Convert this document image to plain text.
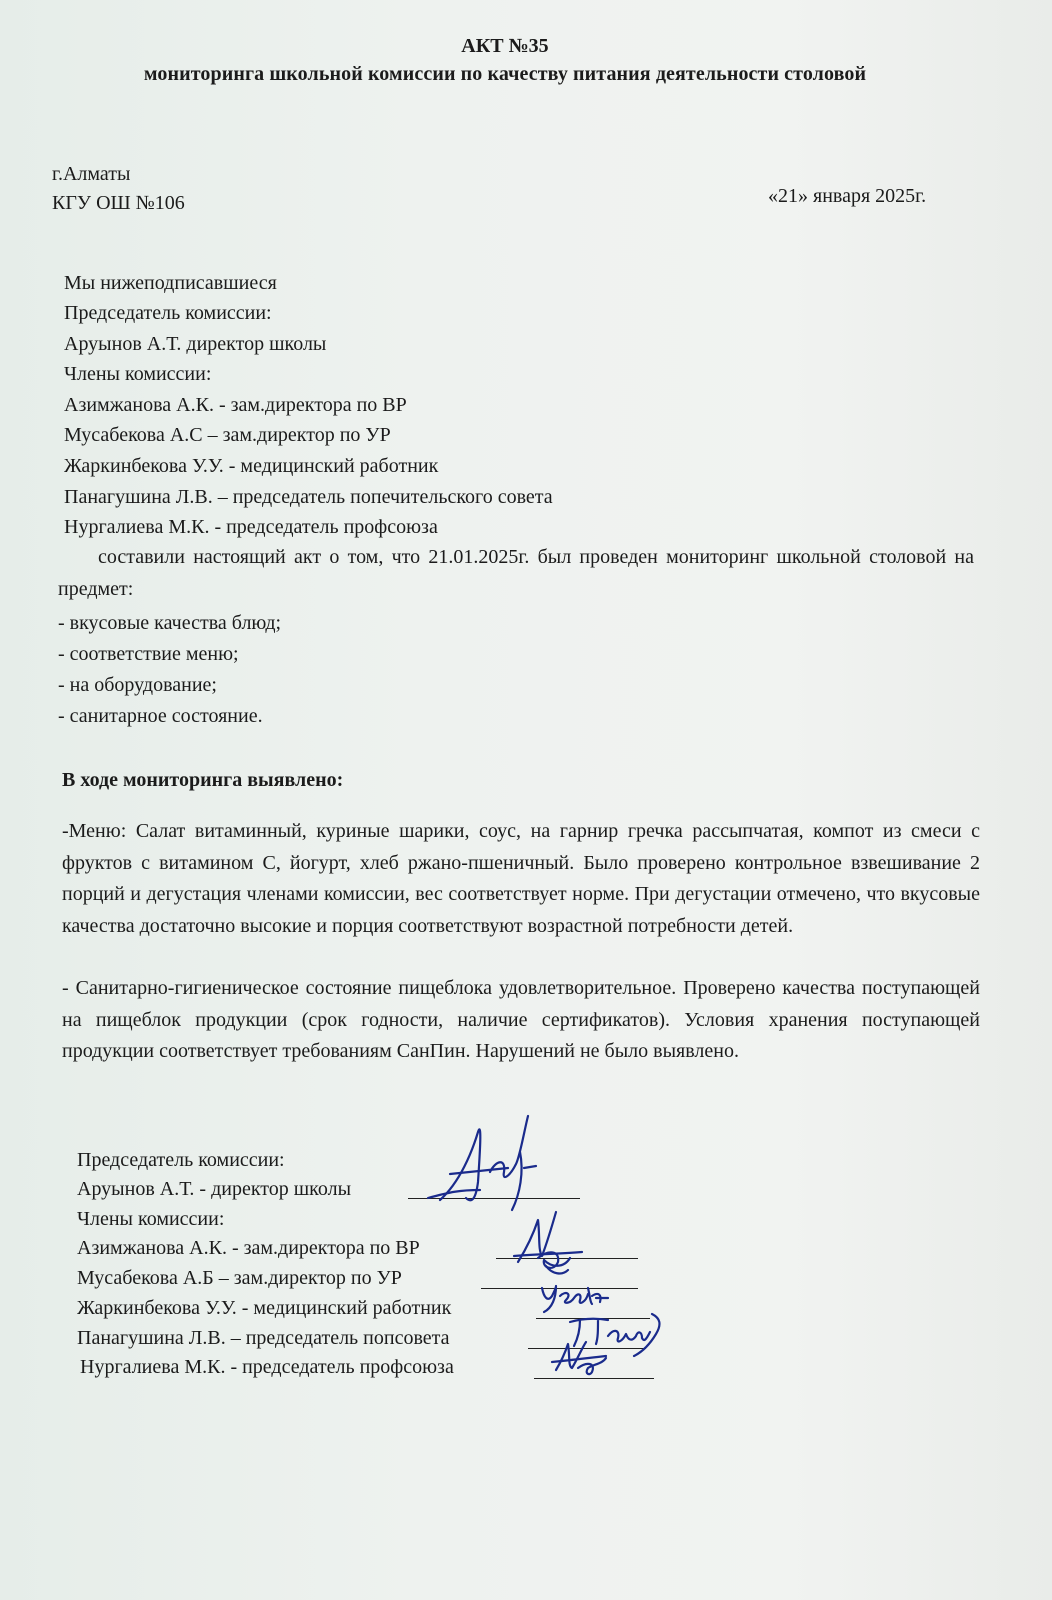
АКТ №35
мониторинга школьной комиссии по качеству питания деятельности столовой
г.Алматы
КГУ ОШ №106	«21» января 2025г.
Мы нижеподписавшиеся
Председатель комиссии:
Аруынов А.Т. директор школы
Члены комиссии:
Азимжанова А.К. - зам.директора по ВР
Мусабекова А.С – зам.директор по УР
Жаркинбекова У.У. - медицинский работник
Панагушина Л.В. – председатель попечительского совета
Нургалиева М.К. - председатель профсоюза
составили настоящий акт о том, что 21.01.2025г. был проведен мониторинг школьной столовой на предмет:
- вкусовые качества блюд;
- соответствие меню;
- на оборудование;
- санитарное состояние.
В ходе мониторинга выявлено:
-Меню: Салат витаминный, куриные шарики, соус, на гарнир гречка рассыпчатая, компот из смеси с фруктов с витамином С, йогурт, хлеб ржано-пшеничный. Было проверено контрольное взвешивание 2 порций и дегустация членами комиссии, вес соответствует норме. При дегустации отмечено, что вкусовые качества достаточно высокие и порция соответствуют возрастной потребности детей.
- Санитарно-гигиеническое состояние пищеблока удовлетворительное. Проверено качества поступающей на пищеблок продукции (срок годности, наличие сертификатов). Условия хранения поступающей продукции соответствует требованиям СанПин. Нарушений не было выявлено.
Председатель комиссии:
Аруынов А.Т. - директор школы
Члены комиссии:
Азимжанова А.К. - зам.директора по ВР
Мусабекова А.Б – зам.директор по УР
Жаркинбекова У.У. - медицинский работник
Панагушина Л.В. – председатель попсовета
Нургалиева М.К. - председатель профсоюза
